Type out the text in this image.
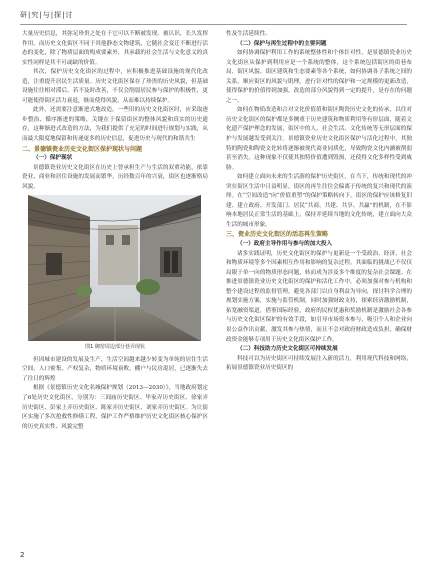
研|究|与|探|讨

大量历史信息，其弥足珍贵之处在于它可以不断被发现、被认识，长久发挥作用。而历史文化街区不同于其他静态文物建筑，它随社会变迁不断进行活态的变化，除了物质层面的构成要素外，其承载的社会生活与文化意义的真实性同样是其不可或缺的价值。

其次，保护历史文化街区的过程中，应积极推进基础设施的现代化改造，注重提升居民生活质量。历史文化街区保存了珍贵的历史风貌，但基础设施往往相对滞后，若不及时改善，不仅会削弱居民参与保护的积极性，更可能使得街区活力衰退，继而使得风貌，从而难以持续保护。

此外，还需要注意渐进式地改造。一些旧的历史文化街区时，应采取逐步整治、循序渐进的策略，关键在于保留街区的整体风貌和真实的历史遗存，这种渐进式改造的方法，为我们提供了充足的时间进行规划与实践，从而最大限度地保留和传递更多的历史信息，促进历史与现代的和谐共生

二、景德镇瓷业历史文化街区保护现状与问题

（一）保护现状

景德镇瓷业历史文化街区在历史上曾承担生产与生活的双重功能，依靠瓷业、商业和居住设施的发展而繁华，历经数百年的兴衰，街区也逐渐格局风貌。

图1 御窑周边部分巷弄现状

但因城市建设的发展及生产、生活空间越来越少转变为单纯的居住生活空间，人口密集，产权复杂，物质环境衰败，棚户与民房混居，已逐渐失去了往日的辉煌

根据《景德镇历史文化名城保护规划（2013—2030）》，当地政府划定了6处历史文化街区，分别为：三闾庙历史街区、毕家弄历史街区、徐家弄历史街区、彭家上弄历史街区、陈家弄历史街区、刘家弄历史街区。为让街区实施了多次抢救性修缮工程，保护工作严格维护历史文化街区核心保护区的历史真实性、风貌完整

性及生活延续性。

（二）保护与再生过程中的主要问题

如何协调保护利用工作的系统整体性和个体针对性，是景德镇瓷业历史文化街区从保护到利用应是一个系统的整体，这个系统包括街区的街巷布局、街区风貌、街区建筑和生态要素等各个系统，如何协调各子系统之间的关系，顺应街区的风貌与肌理，进行针对性的保护和一定规模的更新改造，使得保护的价值得到加强，改造的部分风貌得到一定的提升，是存在的问题之一。

如何在物质改造和合对文化价值值和街区陶瓷历史文化的传承，以往对历史文化街区的保护都是多侧重于历史建筑和物质利用等有形层面，随着文化遗产保护理念的发展，街区中的人、社会生活、文化传统等无形层面的保护与发展越发受到关注。景德镇瓷业历史文化街区保护与活化过程中，其独特的陶瓷和陶瓷文化转将逐渐被现代商业同质化，导致陶瓷文化内涵被削弱甚至消失。这种现象不仅使其独特价值遭到毁损，还使得文化多样性受到威胁。

如何建立面向未来的生活游的保护历史街区，在当下，传统和现代的冲突在街区生活中日益明显，街区的再生往往会偏离于传统的复兴和现代的演绎。在“空间改造”向“价值重塑”的保护策略转向下，街区的保护应该修复旧建、建立政府、开发部门、居民“共商、共建、共享、共赢”的机制，在不影响本地居民正常生活的基础上，保持并延续当地的文化传统，建立面向大众生活的城市形象。

三、瓷业历史文化街区的活态再生策略

（一）政府主导作用与参与的加大投入

诸多实践证明，历史文化街区的保护与更新是一个受政治、经济、社会和物质环境等多个因素相互作用和影响的复杂过程。其面临的挑战已不仅仅局限于单一向的物质形态问题，转而成为涉及多个维度的复杂社会课题。在推进景德镇瓷业历史文化街区的保护和活化工作中，必须加强对参与机构和整个建设过程的监督管理，避免各部门以自身利益为导向，探讨科学合理的规划实施方案，实施与监管机制，同时加强财政支持，探索经济激励机制，拓宽融资渠道，借鉴国际经验，政府的民权优惠和奖励机制是激励社会各参与历史文化街区保护的有效手段，如引导市场资本参与，吸引个人和企业向景公益作出贡献，激发其参与热情，而且不会对政府财政造成负担，确保财政资金能够专项用于历史文化街区保护工作。

（二）科技助力历史文化街区可持续发展

科技可以为历史街区可持续发展注入新的活力，利用现代科技和网络，拓展景德镇瓷业历史街区的

2
